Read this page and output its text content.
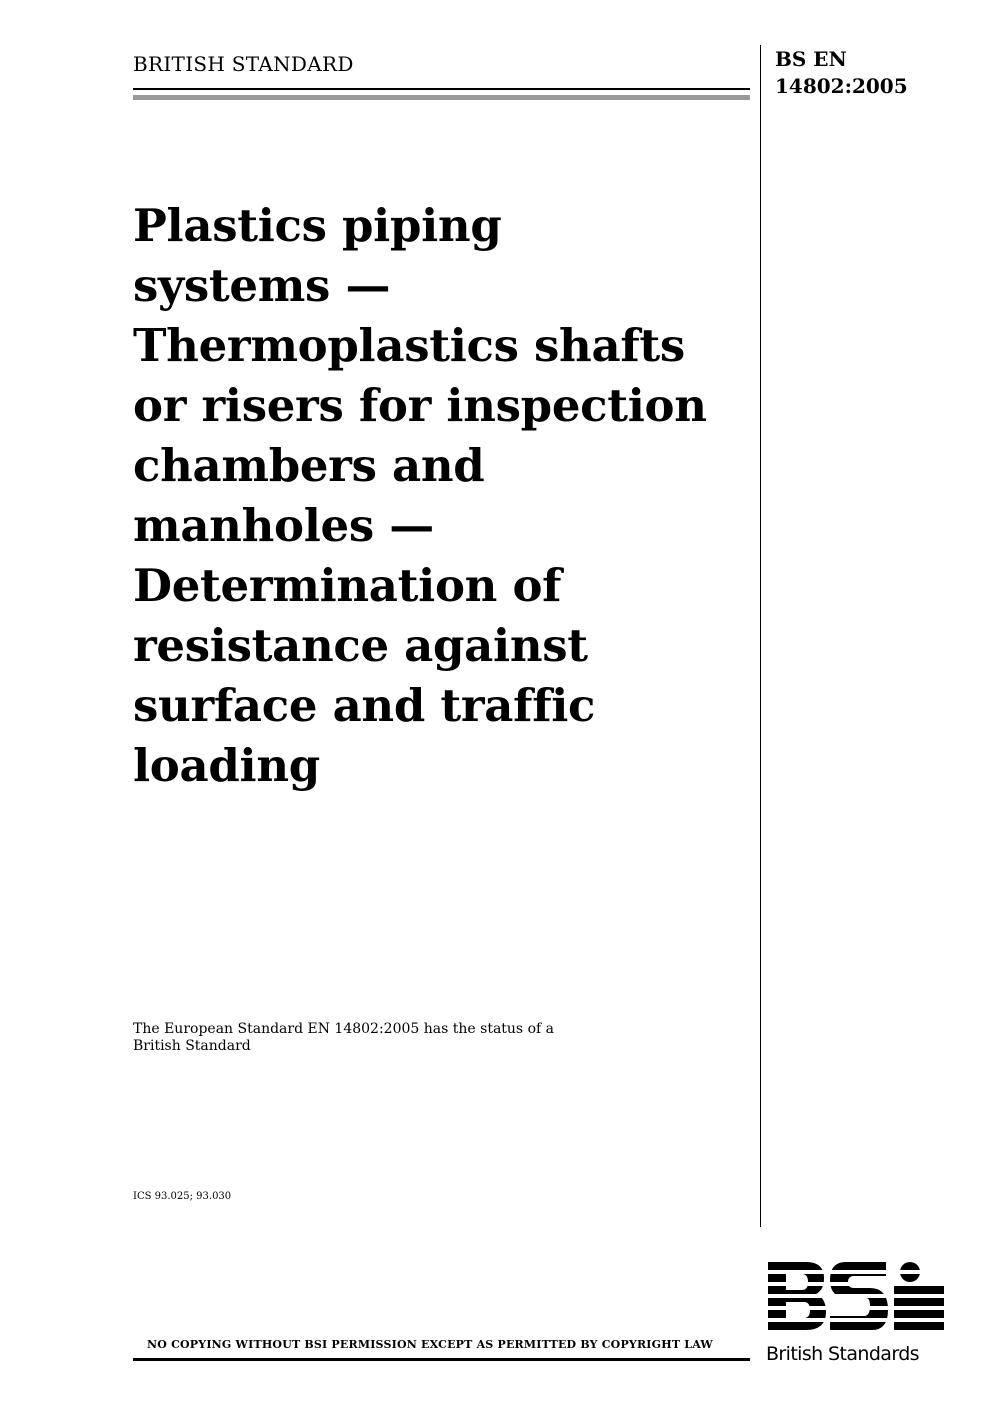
BRITISH STANDARD	BS EN
14802:2005
Plastics piping
systems —
Thermoplastics shafts
or risers for inspection
chambers and
manholes —
Determination of
resistance against
surface and traffic
loading
The European Standard EN 14802:2005 has the status of a
British Standard
ICS 93.025; 93.030
NO COPYING WITHOUT BSI PERMISSION EXCEPT AS PERMITTED BY COPYRIGHT LAW	British Standards
